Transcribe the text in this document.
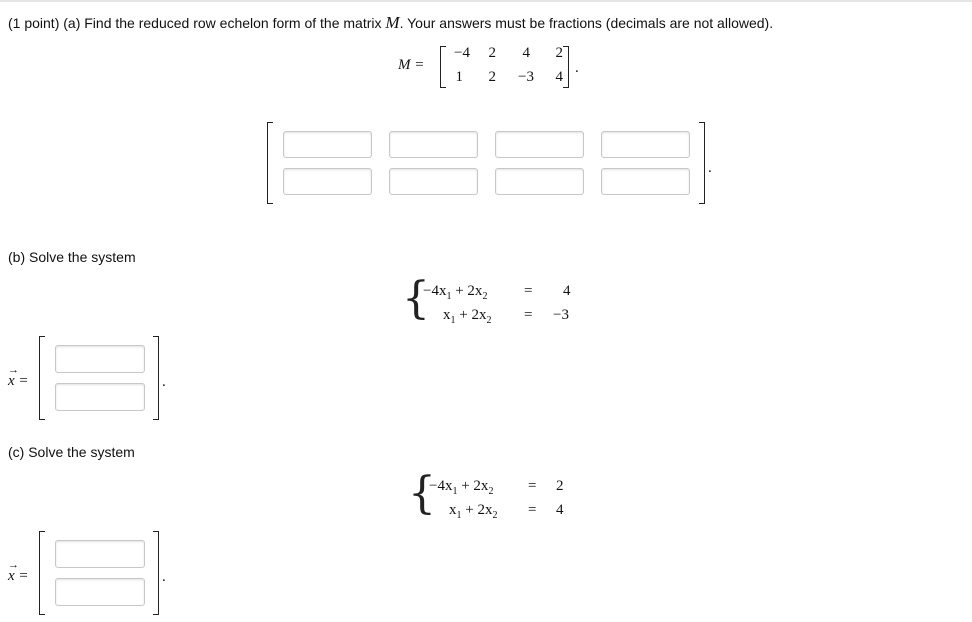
(1 point) (a) Find the reduced row echelon form of the matrix M. Your answers must be fractions (decimals are not allowed).
M =
−4	2	4	2
1	2	−3	4
.
.
(b) Solve the system
{
$-4x_1 + 2x_2 = 4$
$x_1 + 2x_2 = -3$
→
x =	.
(c) Solve the system
{
$-4x_1 + 2x_2 = 2$
$x_1 + 2x_2 = 4$
→
x =	.
